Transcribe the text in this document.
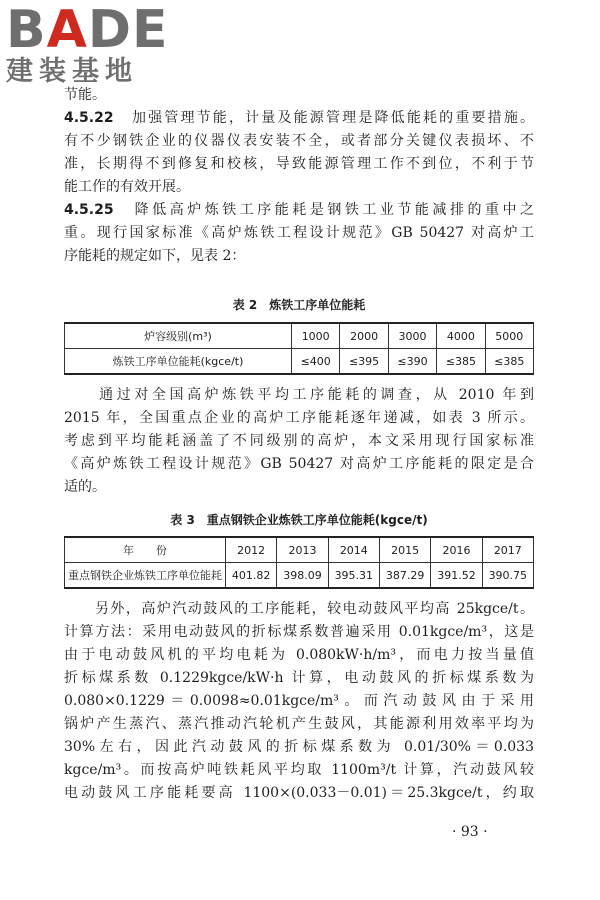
BADE
建装基地
节能。
4.5.22　 加强管理节能，计量及能源管理是降低能耗的重要措施。
有不少钢铁企业的仪器仪表安装不全，或者部分关键仪表损坏、不
准，长期得不到修复和校核，导致能源管理工作不到位，不利于节
能工作的有效开展。
4.5.25　 降低高炉炼铁工序能耗是钢铁工业节能减排的重中之
重。现行国家标准《高炉炼铁工程设计规范》GB 50427 对高炉工
序能耗的规定如下，见表 2：
表 2　炼铁工序单位能耗
炉容级别(m³)	1000	2000	3000	4000	5000
炼铁工序单位能耗(kgce/t)	≤400	≤395	≤390	≤385	≤385
　　通过对全国高炉炼铁平均工序能耗的调查，从 2010 年到
2015 年，全国重点企业的高炉工序能耗逐年递减，如表 3 所示。
考虑到平均能耗涵盖了不同级别的高炉，本文采用现行国家标准
《高炉炼铁工程设计规范》GB 50427 对高炉工序能耗的限定是合
适的。
表 3　重点钢铁企业炼铁工序单位能耗(kgce/t)
年　　份	2012	2013	2014	2015	2016	2017
重点钢铁企业炼铁工序单位能耗	401.82	398.09	395.31	387.29	391.52	390.75
　　另外，高炉汽动鼓风的工序能耗，较电动鼓风平均高 25kgce/t。
计算方法：采用电动鼓风的折标煤系数普遍采用 0.01kgce/m³，这是
由于电动鼓风机的平均电耗为 0.080kW·h/m³，而电力按当量值
折标煤系数 0.1229kgce/kW·h 计算，电动鼓风的折标煤系数为
0.080×0.1229＝0.0098≈0.01kgce/m³。而汽动鼓风由于采用
锅炉产生蒸汽、蒸汽推动汽轮机产生鼓风，其能源利用效率平均为
30%左右，因此汽动鼓风的折标煤系数为 0.01/30%＝0.033
kgce/m³。而按高炉吨铁耗风平均取 1100m³/t 计算，汽动鼓风较
电动鼓风工序能耗要高 1100×(0.033－0.01)＝25.3kgce/t，约取
· 93 ·
